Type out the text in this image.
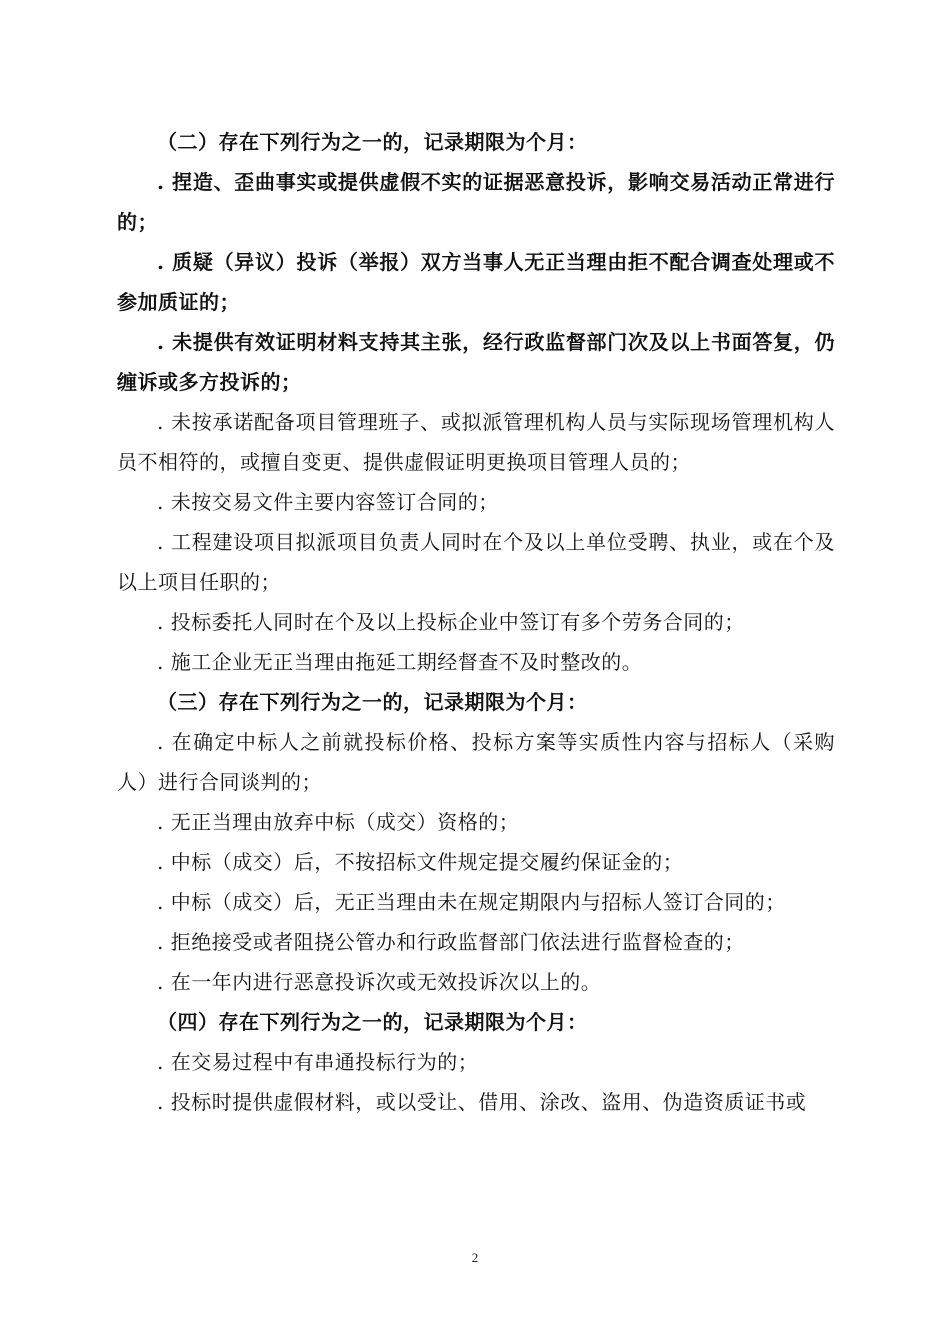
（二）存在下列行为之一的，记录期限为个月：

. 捏造、歪曲事实或提供虚假不实的证据恶意投诉，影响交易活动正常进行的；

. 质疑（异议）投诉（举报）双方当事人无正当理由拒不配合调查处理或不参加质证的；

. 未提供有效证明材料支持其主张，经行政监督部门次及以上书面答复，仍缠诉或多方投诉的；

. 未按承诺配备项目管理班子、或拟派管理机构人员与实际现场管理机构人员不相符的，或擅自变更、提供虚假证明更换项目管理人员的；

. 未按交易文件主要内容签订合同的；

. 工程建设项目拟派项目负责人同时在个及以上单位受聘、执业，或在个及以上项目任职的；

. 投标委托人同时在个及以上投标企业中签订有多个劳务合同的；

. 施工企业无正当理由拖延工期经督查不及时整改的。

（三）存在下列行为之一的，记录期限为个月：

. 在确定中标人之前就投标价格、投标方案等实质性内容与招标人（采购人）进行合同谈判的；

. 无正当理由放弃中标（成交）资格的；

. 中标（成交）后，不按招标文件规定提交履约保证金的；

. 中标（成交）后，无正当理由未在规定期限内与招标人签订合同的；

. 拒绝接受或者阻挠公管办和行政监督部门依法进行监督检查的；

. 在一年内进行恶意投诉次或无效投诉次以上的。

（四）存在下列行为之一的，记录期限为个月：

. 在交易过程中有串通投标行为的；

. 投标时提供虚假材料，或以受让、借用、涂改、盗用、伪造资质证书或

2
